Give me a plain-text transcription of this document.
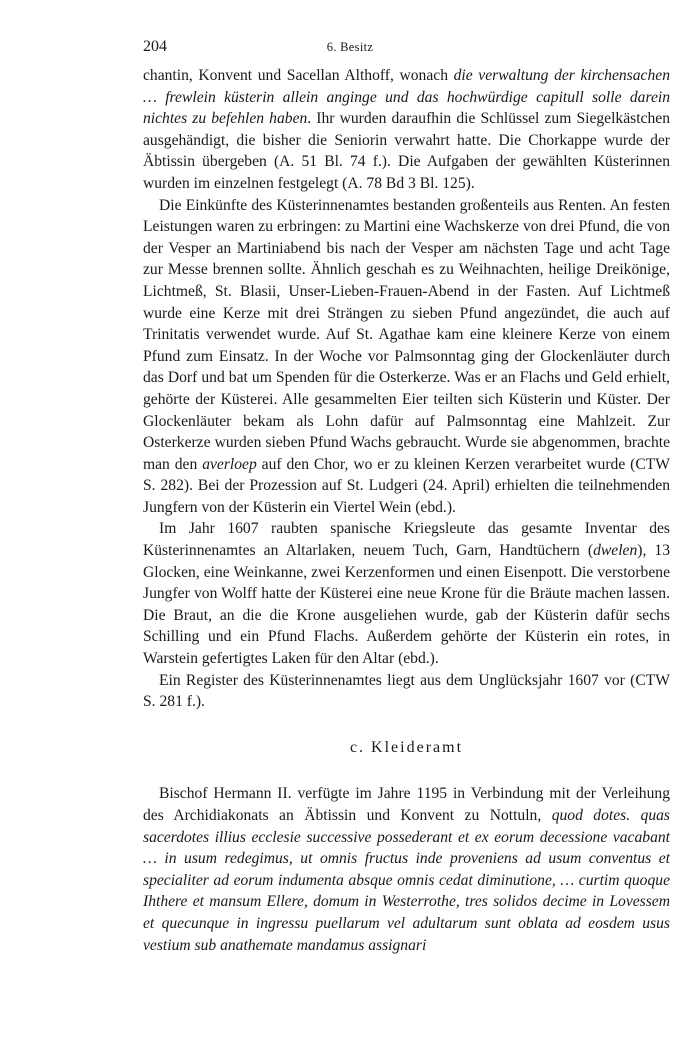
204	6. Besitz

chantin, Konvent und Sacellan Althoff, wonach die verwaltung der kirchensachen … frewlein küsterin allein anginge und das hochwürdige capitull solle darein nichtes zu befehlen haben. Ihr wurden daraufhin die Schlüssel zum Siegelkästchen ausgehändigt, die bisher die Seniorin verwahrt hatte. Die Chorkappe wurde der Äbtissin übergeben (A. 51 Bl. 74 f.). Die Aufgaben der gewählten Küsterinnen wurden im einzelnen festgelegt (A. 78 Bd 3 Bl. 125).

Die Einkünfte des Küsterinnenamtes bestanden großenteils aus Renten. An festen Leistungen waren zu erbringen: zu Martini eine Wachskerze von drei Pfund, die von der Vesper an Martiniabend bis nach der Vesper am nächsten Tage und acht Tage zur Messe brennen sollte. Ähnlich geschah es zu Weihnachten, heilige Dreikönige, Lichtmeß, St. Blasii, Unser-Lieben-Frauen-Abend in der Fasten. Auf Lichtmeß wurde eine Kerze mit drei Strängen zu sieben Pfund angezündet, die auch auf Trinitatis verwendet wurde. Auf St. Agathae kam eine kleinere Kerze von einem Pfund zum Einsatz. In der Woche vor Palmsonntag ging der Glockenläuter durch das Dorf und bat um Spenden für die Osterkerze. Was er an Flachs und Geld erhielt, gehörte der Küsterei. Alle gesammelten Eier teilten sich Küsterin und Küster. Der Glockenläuter bekam als Lohn dafür auf Palmsonntag eine Mahlzeit. Zur Osterkerze wurden sieben Pfund Wachs gebraucht. Wurde sie abgenommen, brachte man den averloep auf den Chor, wo er zu kleinen Kerzen verarbeitet wurde (CTW S. 282). Bei der Prozession auf St. Ludgeri (24. April) erhielten die teilnehmenden Jungfern von der Küsterin ein Viertel Wein (ebd.).

Im Jahr 1607 raubten spanische Kriegsleute das gesamte Inventar des Küsterinnenamtes an Altarlaken, neuem Tuch, Garn, Handtüchern (dwelen), 13 Glocken, eine Weinkanne, zwei Kerzenformen und einen Eisenpott. Die verstorbene Jungfer von Wolff hatte der Küsterei eine neue Krone für die Bräute machen lassen. Die Braut, an die die Krone ausgeliehen wurde, gab der Küsterin dafür sechs Schilling und ein Pfund Flachs. Außerdem gehörte der Küsterin ein rotes, in Warstein gefertigtes Laken für den Altar (ebd.).

Ein Register des Küsterinnenamtes liegt aus dem Unglücksjahr 1607 vor (CTW S. 281 f.).

c. Kleideramt

Bischof Hermann II. verfügte im Jahre 1195 in Verbindung mit der Verleihung des Archidiakonats an Äbtissin und Konvent zu Nottuln, quod dotes. quas sacerdotes illius ecclesie successive possederant et ex eorum decessione vacabant … in usum redegimus, ut omnis fructus inde proveniens ad usum conventus et specialiter ad eorum indumenta absque omnis cedat diminutione, … curtim quoque Ihthere et mansum Ellere, domum in Westerrothe, tres solidos decime in Lovessem et quecunque in ingressu puellarum vel adultarum sunt oblata ad eosdem usus vestium sub anathemate mandamus assignari
